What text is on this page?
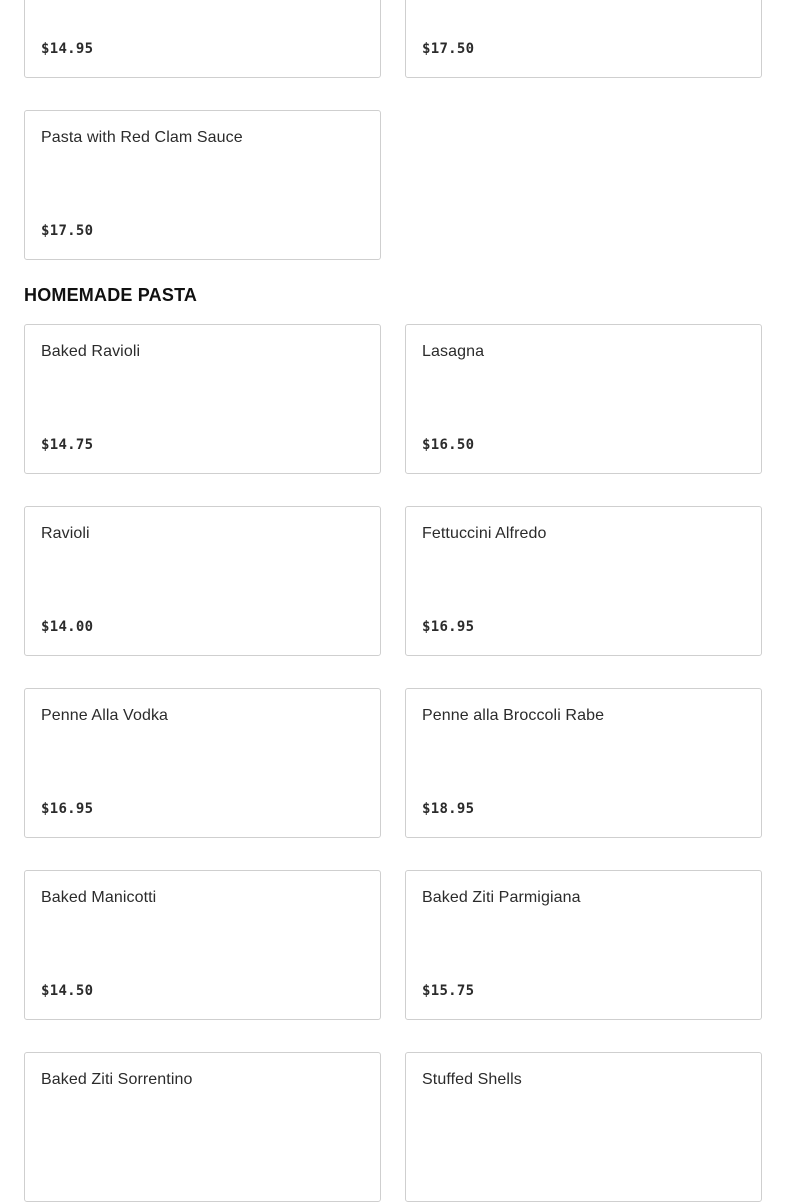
$14.95	$17.50
Pasta with Red Clam Sauce
$17.50
HOMEMADE PASTA
Baked Ravioli
$14.75
Lasagna
$16.50
Ravioli
$14.00
Fettuccini Alfredo
$16.95
Penne Alla Vodka
$16.95
Penne alla Broccoli Rabe
$18.95
Baked Manicotti
$14.50
Baked Ziti Parmigiana
$15.75
Baked Ziti Sorrentino	Stuffed Shells
